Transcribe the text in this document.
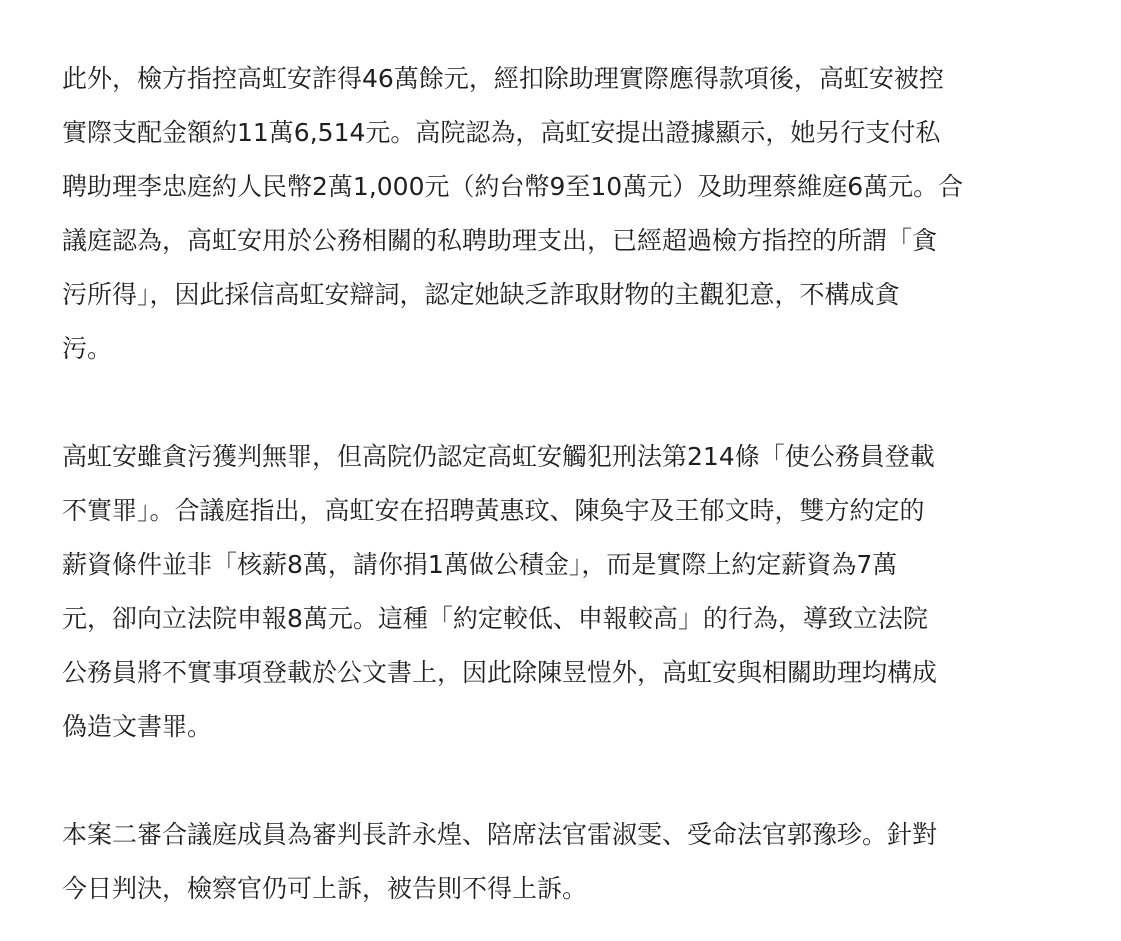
此外，檢方指控高虹安詐得46萬餘元，經扣除助理實際應得款項後，高虹安被控
實際支配金額約11萬6,514元。高院認為，高虹安提出證據顯示，她另行支付私
聘助理李忠庭約人民幣2萬1,000元（約台幣9至10萬元）及助理蔡維庭6萬元。合
議庭認為，高虹安用於公務相關的私聘助理支出，已經超過檢方指控的所謂「貪
污所得」，因此採信高虹安辯詞，認定她缺乏詐取財物的主觀犯意，不構成貪
污。
高虹安雖貪污獲判無罪，但高院仍認定高虹安觸犯刑法第214條「使公務員登載
不實罪」。合議庭指出，高虹安在招聘黃惠玟、陳奐宇及王郁文時，雙方約定的
薪資條件並非「核薪8萬，請你捐1萬做公積金」，而是實際上約定薪資為7萬
元，卻向立法院申報8萬元。這種「約定較低、申報較高」的行為，導致立法院
公務員將不實事項登載於公文書上，因此除陳昱愷外，高虹安與相關助理均構成
偽造文書罪。
本案二審合議庭成員為審判長許永煌、陪席法官雷淑雯、受命法官郭豫珍。針對
今日判決，檢察官仍可上訴，被告則不得上訴。
